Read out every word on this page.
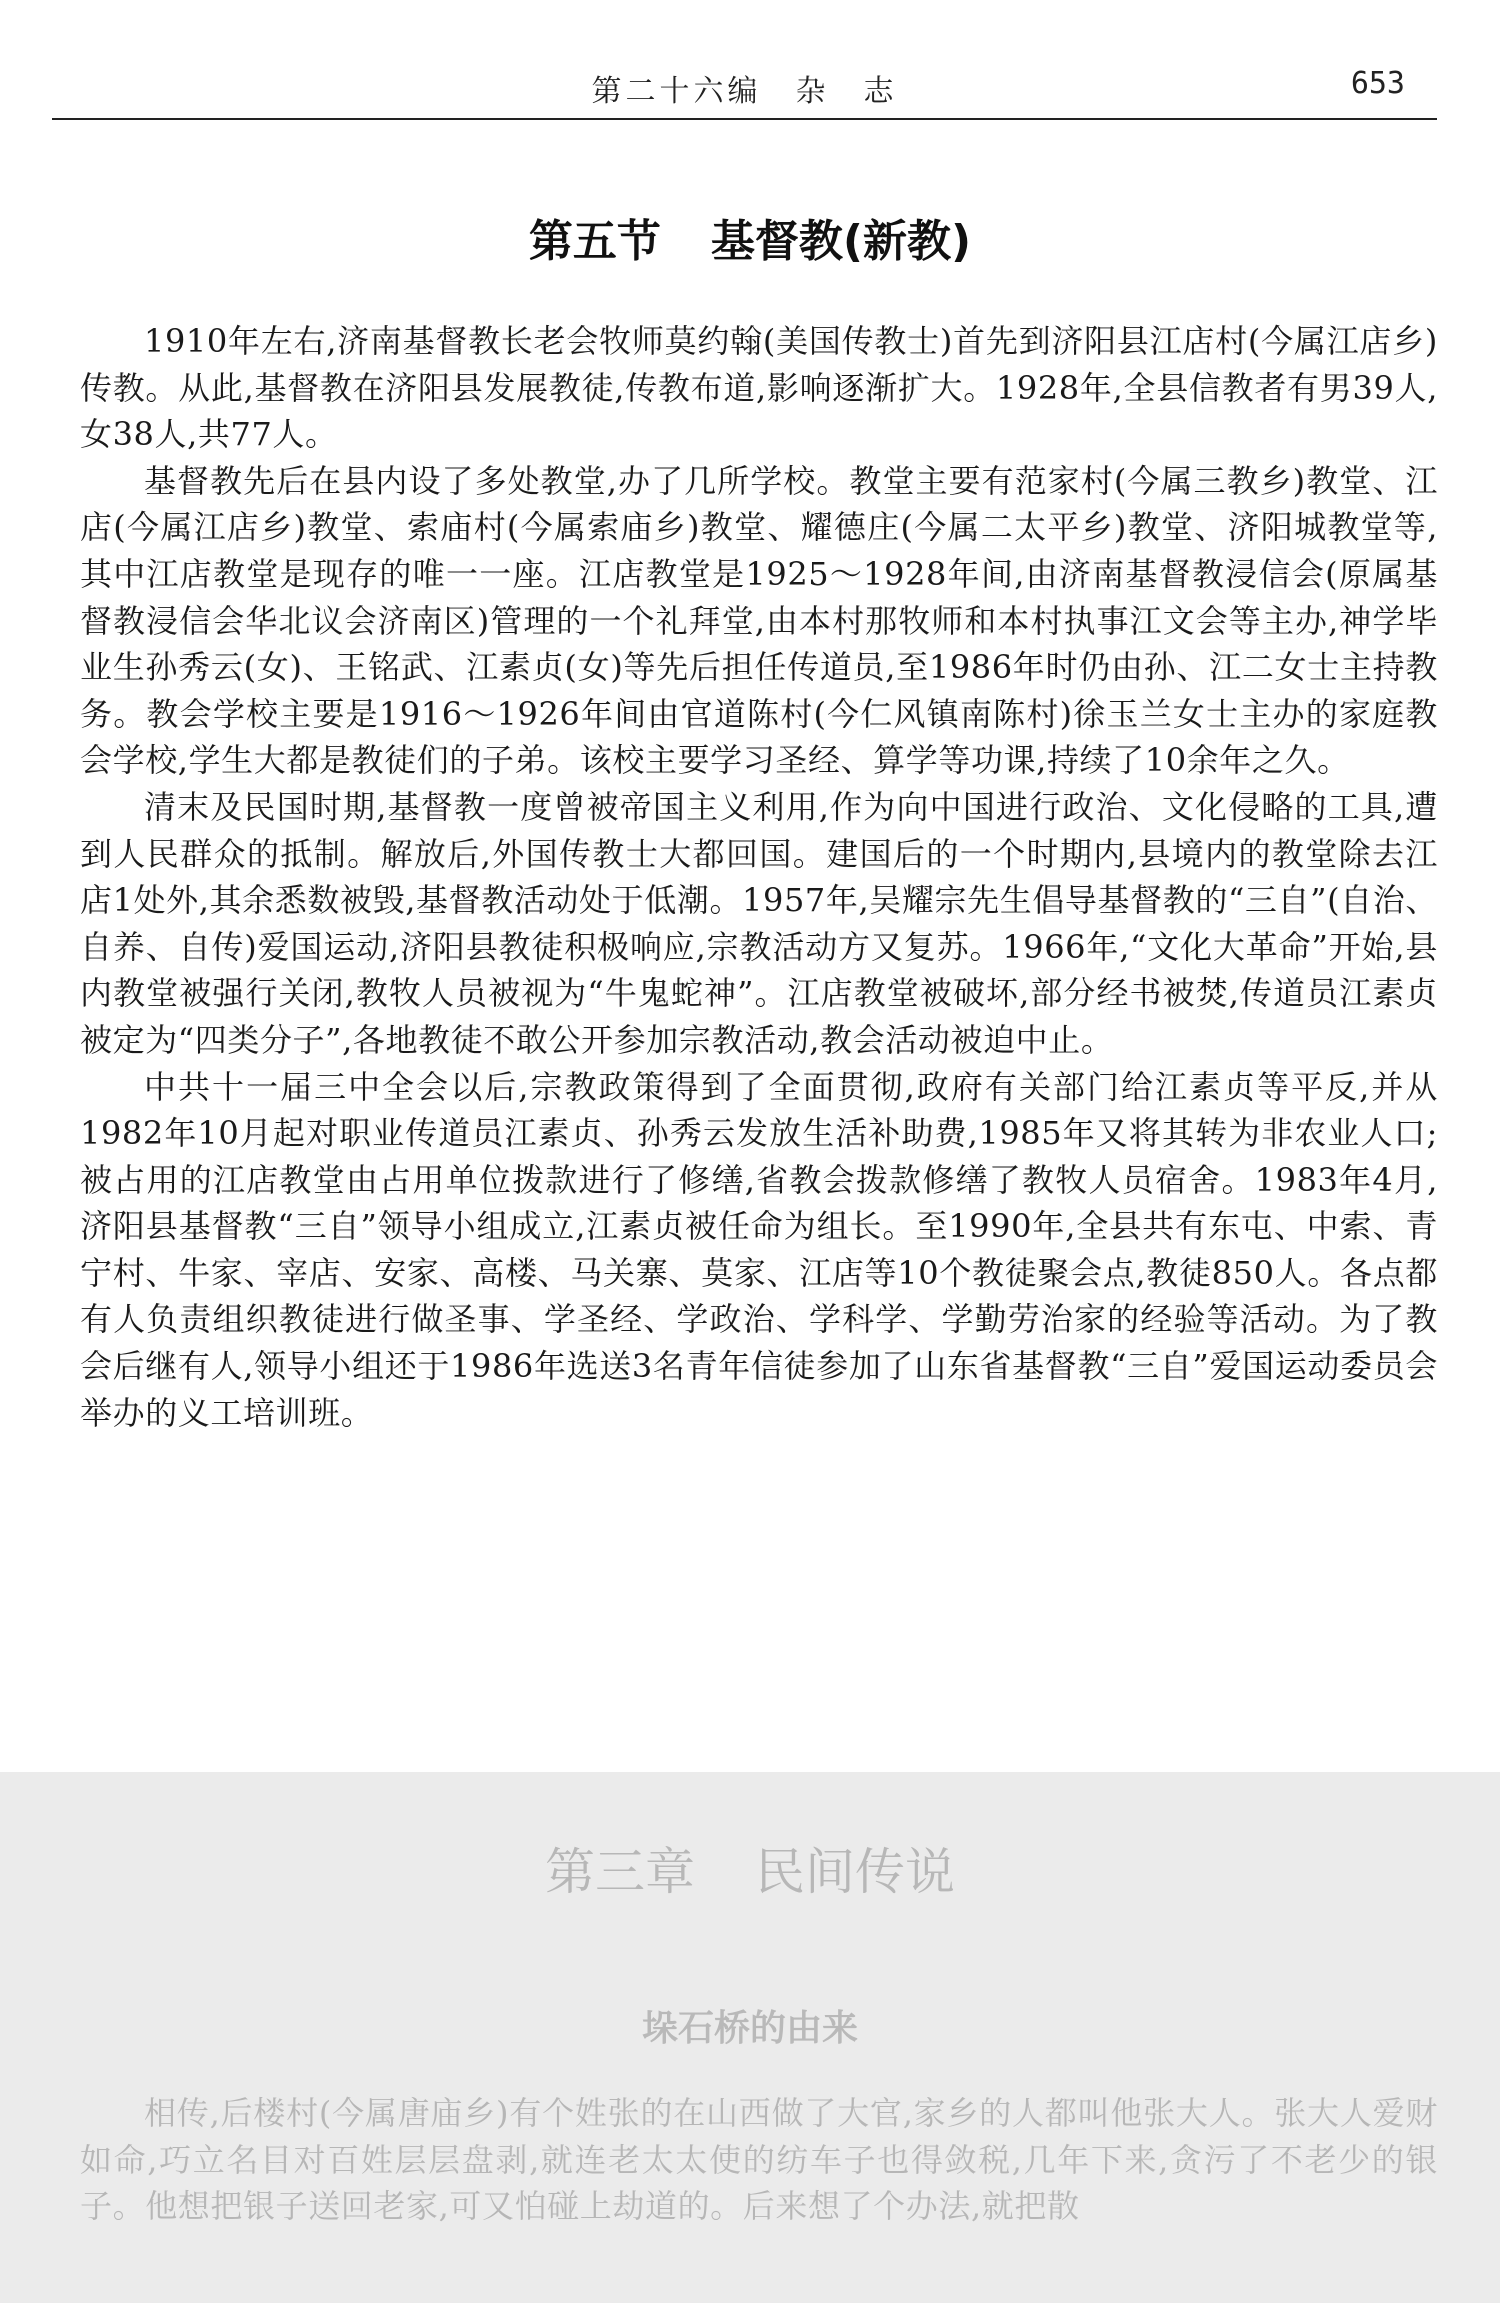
第二十六编　杂　志	653
第五节 基督教(新教)

1910年左右,济南基督教长老会牧师莫约翰(美国传教士)首先到济阳县江店村(今属江店乡)传教。从此,基督教在济阳县发展教徒,传教布道,影响逐渐扩大。1928年,全县信教者有男39人,女38人,共77人。

基督教先后在县内设了多处教堂,办了几所学校。教堂主要有范家村(今属三教乡)教堂、江店(今属江店乡)教堂、索庙村(今属索庙乡)教堂、耀德庄(今属二太平乡)教堂、济阳城教堂等,其中江店教堂是现存的唯一一座。江店教堂是1925～1928年间,由济南基督教浸信会(原属基督教浸信会华北议会济南区)管理的一个礼拜堂,由本村那牧师和本村执事江文会等主办,神学毕业生孙秀云(女)、王铭武、江素贞(女)等先后担任传道员,至1986年时仍由孙、江二女士主持教务。教会学校主要是1916～1926年间由官道陈村(今仁风镇南陈村)徐玉兰女士主办的家庭教会学校,学生大都是教徒们的子弟。该校主要学习圣经、算学等功课,持续了10余年之久。

清末及民国时期,基督教一度曾被帝国主义利用,作为向中国进行政治、文化侵略的工具,遭到人民群众的抵制。解放后,外国传教士大都回国。建国后的一个时期内,县境内的教堂除去江店1处外,其余悉数被毁,基督教活动处于低潮。1957年,吴耀宗先生倡导基督教的“三自”(自治、自养、自传)爱国运动,济阳县教徒积极响应,宗教活动方又复苏。1966年,“文化大革命”开始,县内教堂被强行关闭,教牧人员被视为“牛鬼蛇神”。江店教堂被破坏,部分经书被焚,传道员江素贞被定为“四类分子”,各地教徒不敢公开参加宗教活动,教会活动被迫中止。

中共十一届三中全会以后,宗教政策得到了全面贯彻,政府有关部门给江素贞等平反,并从1982年10月起对职业传道员江素贞、孙秀云发放生活补助费,1985年又将其转为非农业人口;被占用的江店教堂由占用单位拨款进行了修缮,省教会拨款修缮了教牧人员宿舍。1983年4月,济阳县基督教“三自”领导小组成立,江素贞被任命为组长。至1990年,全县共有东屯、中索、青宁村、牛家、宰店、安家、高楼、马关寨、莫家、江店等10个教徒聚会点,教徒850人。各点都有人负责组织教徒进行做圣事、学圣经、学政治、学科学、学勤劳治家的经验等活动。为了教会后继有人,领导小组还于1986年选送3名青年信徒参加了山东省基督教“三自”爱国运动委员会举办的义工培训班。

第三章 民间传说
垛石桥的由来

相传,后楼村(今属唐庙乡)有个姓张的在山西做了大官,家乡的人都叫他张大人。张大人爱财如命,巧立名目对百姓层层盘剥,就连老太太使的纺车子也得敛税,几年下来,贪污了不老少的银子。他想把银子送回老家,可又怕碰上劫道的。后来想了个办法,就把散
